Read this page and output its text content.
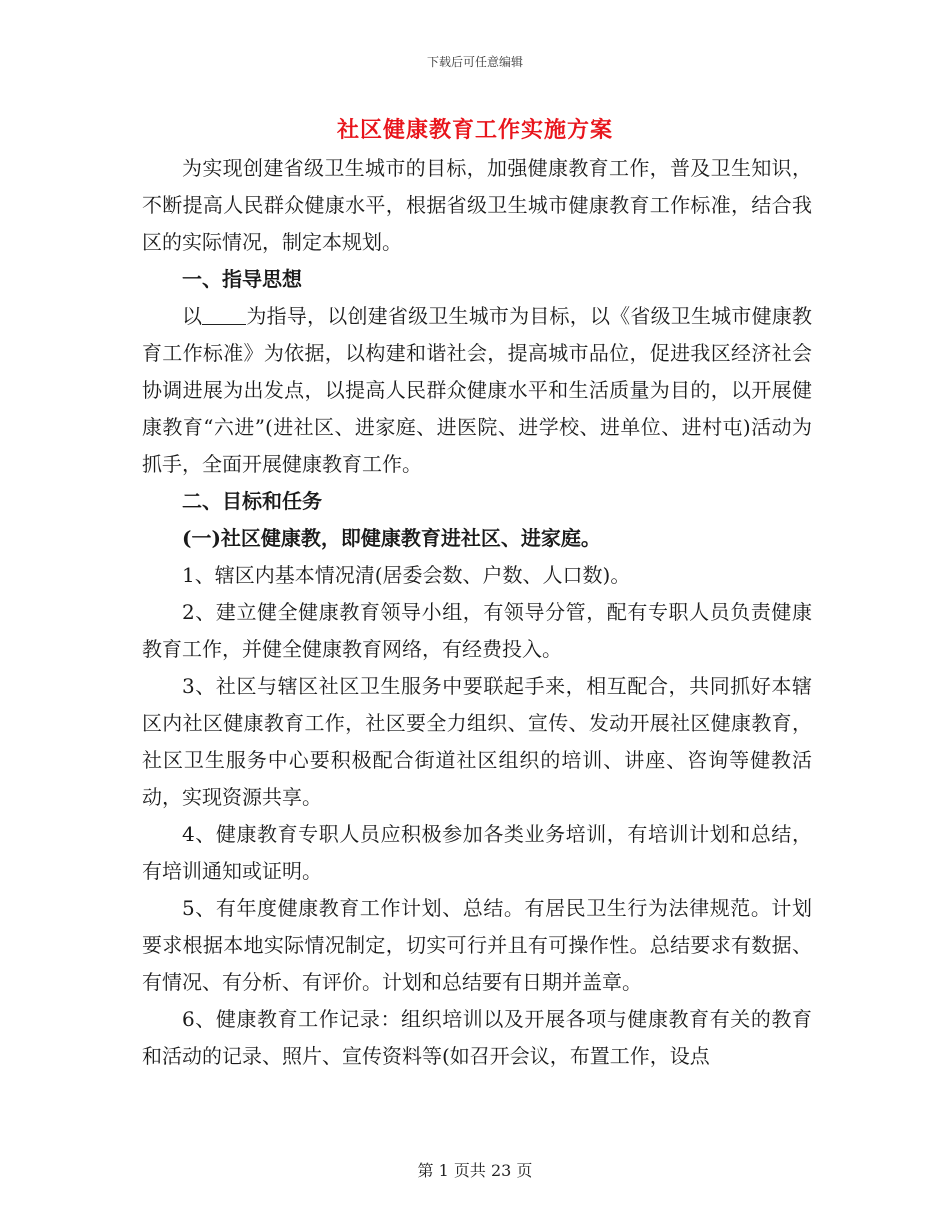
下载后可任意编辑
社区健康教育工作实施方案

为实现创建省级卫生城市的目标，加强健康教育工作，普及卫生知识，不断提高人民群众健康水平，根据省级卫生城市健康教育工作标准，结合我区的实际情况，制定本规划。

一、指导思想

以 为指导，以创建省级卫生城市为目标，以《省级卫生城市健康教育工作标准》为依据，以构建和谐社会，提高城市品位，促进我区经济社会协调进展为出发点，以提高人民群众健康水平和生活质量为目的，以开展健康教育“六进”(进社区、进家庭、进医院、进学校、进单位、进村屯)活动为抓手，全面开展健康教育工作。

二、目标和任务

(一)社区健康教，即健康教育进社区、进家庭。

1、辖区内基本情况清(居委会数、户数、人口数)。

2、建立健全健康教育领导小组，有领导分管，配有专职人员负责健康教育工作，并健全健康教育网络，有经费投入。

3、社区与辖区社区卫生服务中要联起手来，相互配合，共同抓好本辖区内社区健康教育工作，社区要全力组织、宣传、发动开展社区健康教育，社区卫生服务中心要积极配合街道社区组织的培训、讲座、咨询等健教活动，实现资源共享。

4、健康教育专职人员应积极参加各类业务培训，有培训计划和总结，有培训通知或证明。

5、有年度健康教育工作计划、总结。有居民卫生行为法律规范。计划要求根据本地实际情况制定，切实可行并且有可操作性。总结要求有数据、有情况、有分析、有评价。计划和总结要有日期并盖章。

6、健康教育工作记录：组织培训以及开展各项与健康教育有关的教育和活动的记录、照片、宣传资料等(如召开会议，布置工作，设点

第 1 页共 23 页
